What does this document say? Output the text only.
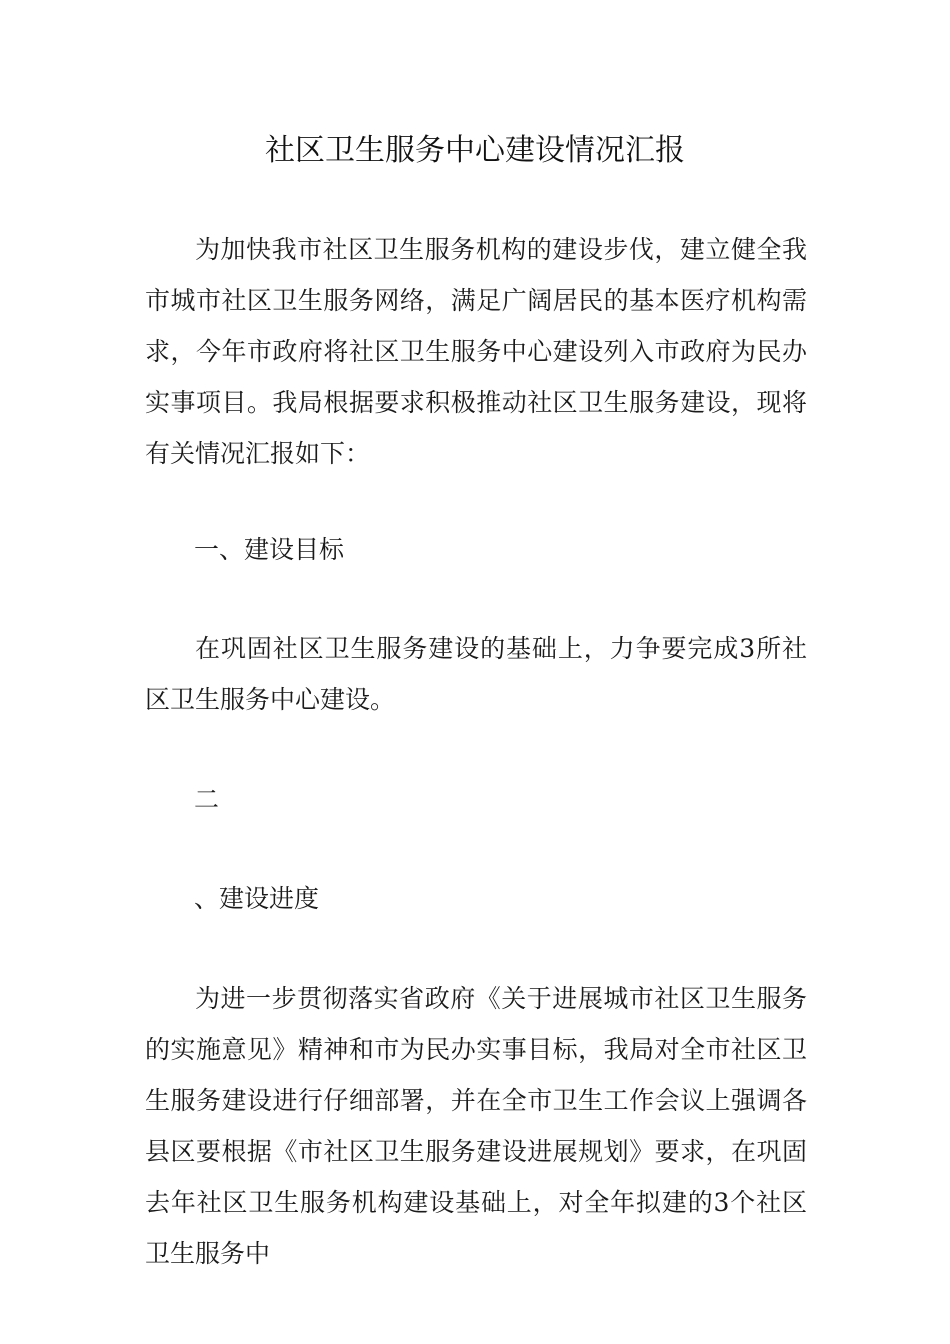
社区卫生服务中心建设情况汇报

为加快我市社区卫生服务机构的建设步伐，建立健全我市城市社区卫生服务网络，满足广阔居民的基本医疗机构需求，今年市政府将社区卫生服务中心建设列入市政府为民办实事项目。我局根据要求积极推动社区卫生服务建设，现将有关情况汇报如下：

一、建设目标

在巩固社区卫生服务建设的基础上，力争要完成3所社区卫生服务中心建设。

二

、建设进度

为进一步贯彻落实省政府《关于进展城市社区卫生服务的实施意见》精神和市为民办实事目标，我局对全市社区卫生服务建设进行仔细部署，并在全市卫生工作会议上强调各县区要根据《市社区卫生服务建设进展规划》要求，在巩固去年社区卫生服务机构建设基础上，对全年拟建的3个社区卫生服务中
